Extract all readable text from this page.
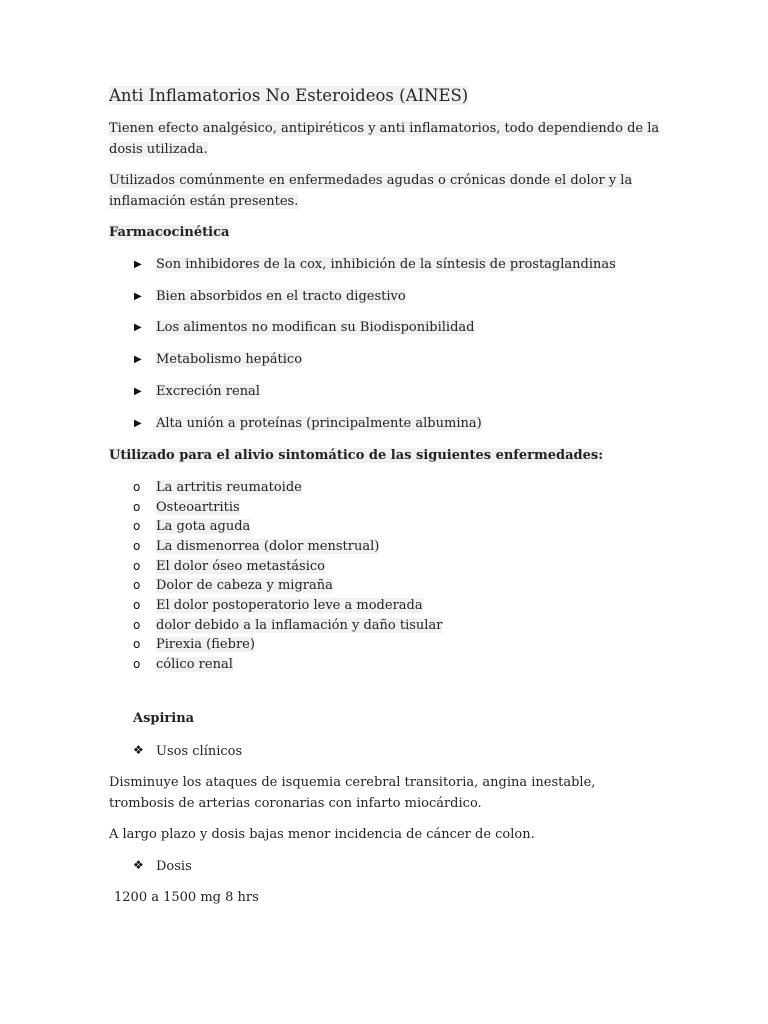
Anti Inflamatorios No Esteroideos (AINES)

Tienen efecto analgésico, antipiréticos y anti inflamatorios, todo dependiendo de la

dosis utilizada.

Utilizados comúnmente en enfermedades agudas o crónicas donde el dolor y la

inflamación están presentes.

Farmacocinética

▶ Son inhibidores de la cox, inhibición de la síntesis de prostaglandinas
▶ Bien absorbidos en el tracto digestivo
▶ Los alimentos no modifican su Biodisponibilidad
▶ Metabolismo hepático
▶ Excreción renal
▶ Alta unión a proteínas (principalmente albumina)

Utilizado para el alivio sintomático de las siguientes enfermedades:

o La artritis reumatoide
o Osteoartritis
o La gota aguda
o La dismenorrea (dolor menstrual)
o El dolor óseo metastásico
o Dolor de cabeza y migraña
o El dolor postoperatorio leve a moderada
o dolor debido a la inflamación y daño tisular
o Pirexia (fiebre)
o cólico renal

Aspirina

❖ Usos clínicos

Disminuye los ataques de isquemia cerebral transitoria, angina inestable,

trombosis de arterias coronarias con infarto miocárdico.

A largo plazo y dosis bajas menor incidencia de cáncer de colon.

❖ Dosis

1200 a 1500 mg 8 hrs
